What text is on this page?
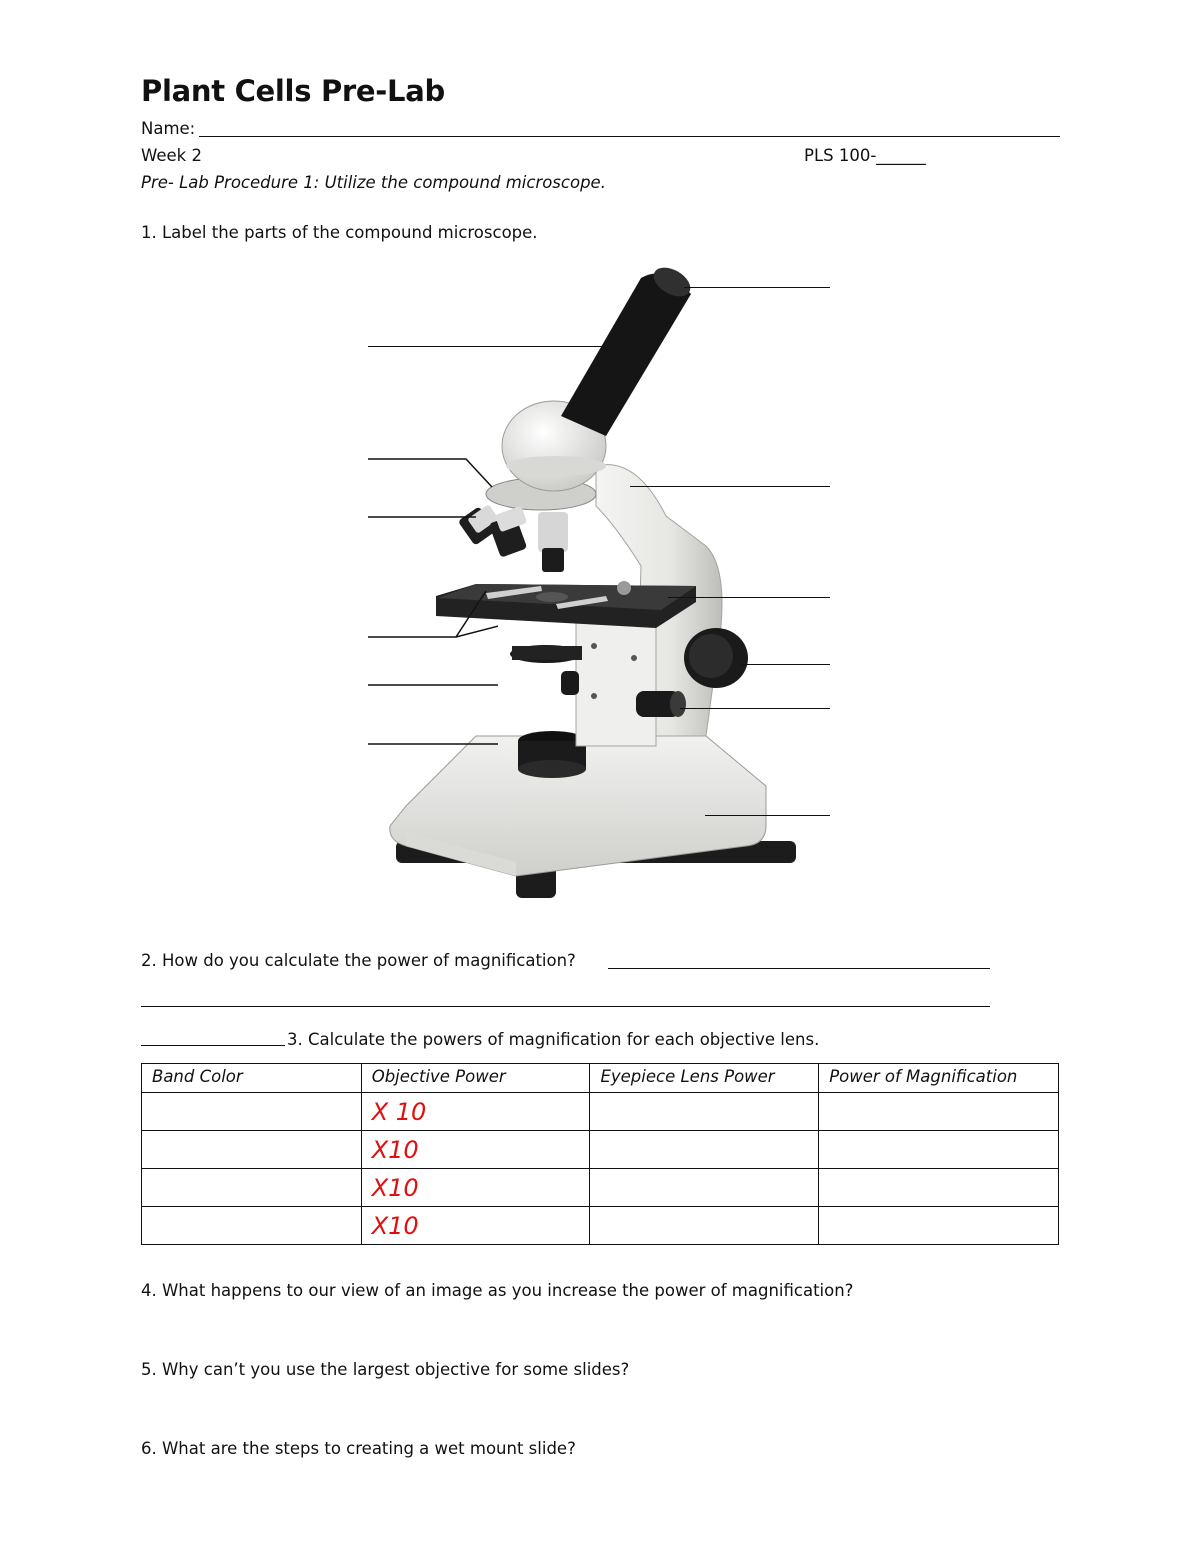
Plant Cells Pre-Lab
Name:
Week 2	PLS 100-______
Pre- Lab Procedure 1: Utilize the compound microscope.
1. Label the parts of the compound microscope.
2. How do you calculate the power of magnification?
3. Calculate the powers of magnification for each objective lens.
Band Color	Objective Power	Eyepiece Lens Power	Power of Magnification
	X 10		
	X10		
	X10		
	X10		
4. What happens to our view of an image as you increase the power of magnification?
5. Why can’t you use the largest objective for some slides?
6. What are the steps to creating a wet mount slide?
